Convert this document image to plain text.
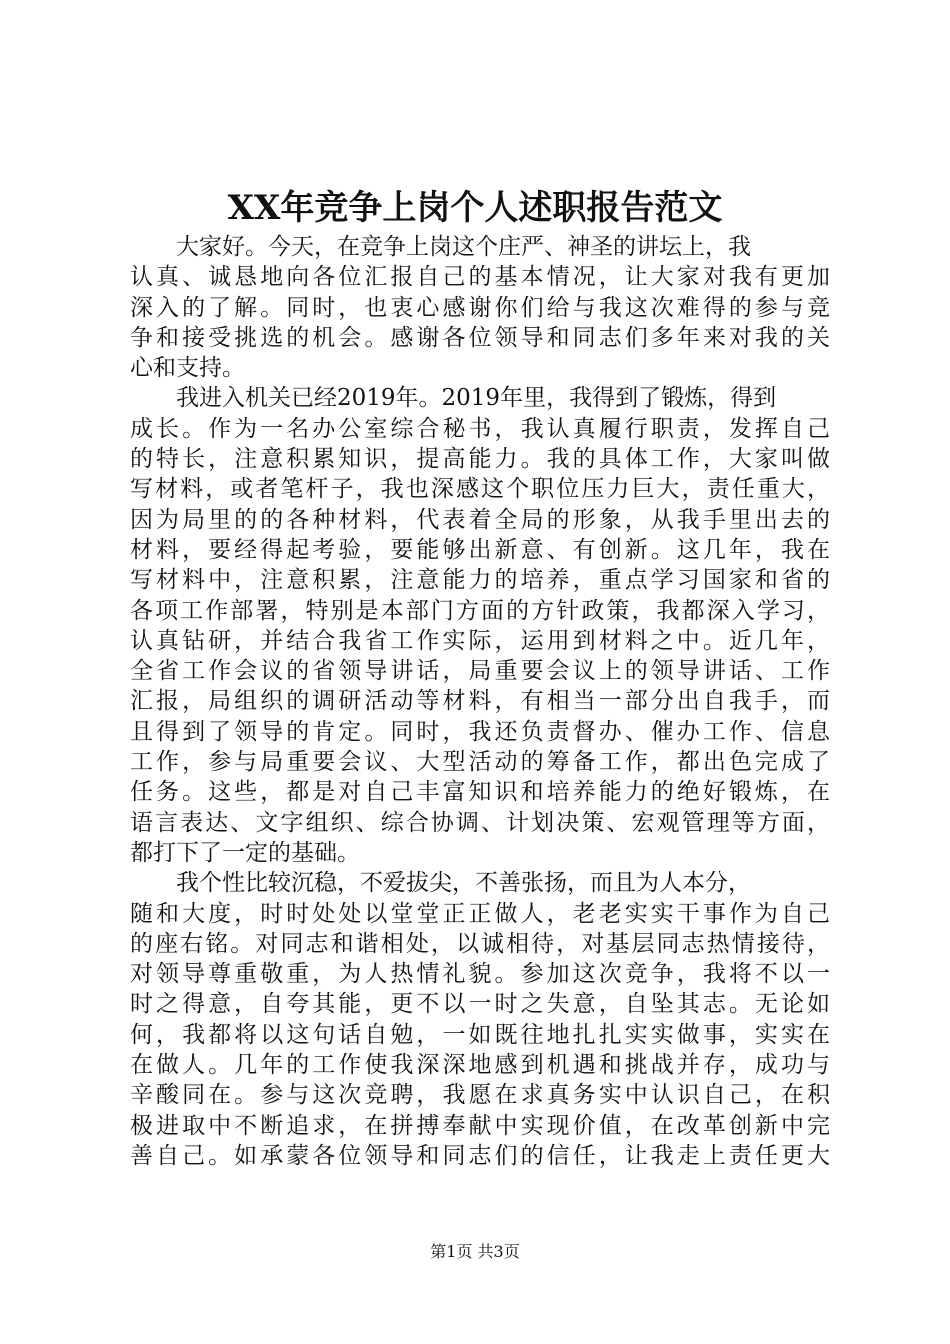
XX年竞争上岗个人述职报告范文
大家好。今天，在竞争上岗这个庄严、神圣的讲坛上，我
认真、诚恳地向各位汇报自己的基本情况，让大家对我有更加
深入的了解。同时，也衷心感谢你们给与我这次难得的参与竞
争和接受挑选的机会。感谢各位领导和同志们多年来对我的关
心和支持。
我进入机关已经2019年。2019年里，我得到了锻炼，得到
成长。作为一名办公室综合秘书，我认真履行职责，发挥自己
的特长，注意积累知识，提高能力。我的具体工作，大家叫做
写材料，或者笔杆子，我也深感这个职位压力巨大，责任重大，
因为局里的的各种材料，代表着全局的形象，从我手里出去的
材料，要经得起考验，要能够出新意、有创新。这几年，我在
写材料中，注意积累，注意能力的培养，重点学习国家和省的
各项工作部署，特别是本部门方面的方针政策，我都深入学习，
认真钻研，并结合我省工作实际，运用到材料之中。近几年，
全省工作会议的省领导讲话，局重要会议上的领导讲话、工作
汇报，局组织的调研活动等材料，有相当一部分出自我手，而
且得到了领导的肯定。同时，我还负责督办、催办工作、信息
工作，参与局重要会议、大型活动的筹备工作，都出色完成了
任务。这些，都是对自己丰富知识和培养能力的绝好锻炼，在
语言表达、文字组织、综合协调、计划决策、宏观管理等方面，
都打下了一定的基础。
我个性比较沉稳，不爱拔尖，不善张扬，而且为人本分，
随和大度，时时处处以堂堂正正做人，老老实实干事作为自己
的座右铭。对同志和谐相处，以诚相待，对基层同志热情接待，
对领导尊重敬重，为人热情礼貌。参加这次竞争，我将不以一
时之得意，自夸其能，更不以一时之失意，自坠其志。无论如
何，我都将以这句话自勉，一如既往地扎扎实实做事，实实在
在做人。几年的工作使我深深地感到机遇和挑战并存，成功与
辛酸同在。参与这次竞聘，我愿在求真务实中认识自己，在积
极进取中不断追求，在拼搏奉献中实现价值，在改革创新中完
善自己。如承蒙各位领导和同志们的信任，让我走上责任更大
第1页 共3页
